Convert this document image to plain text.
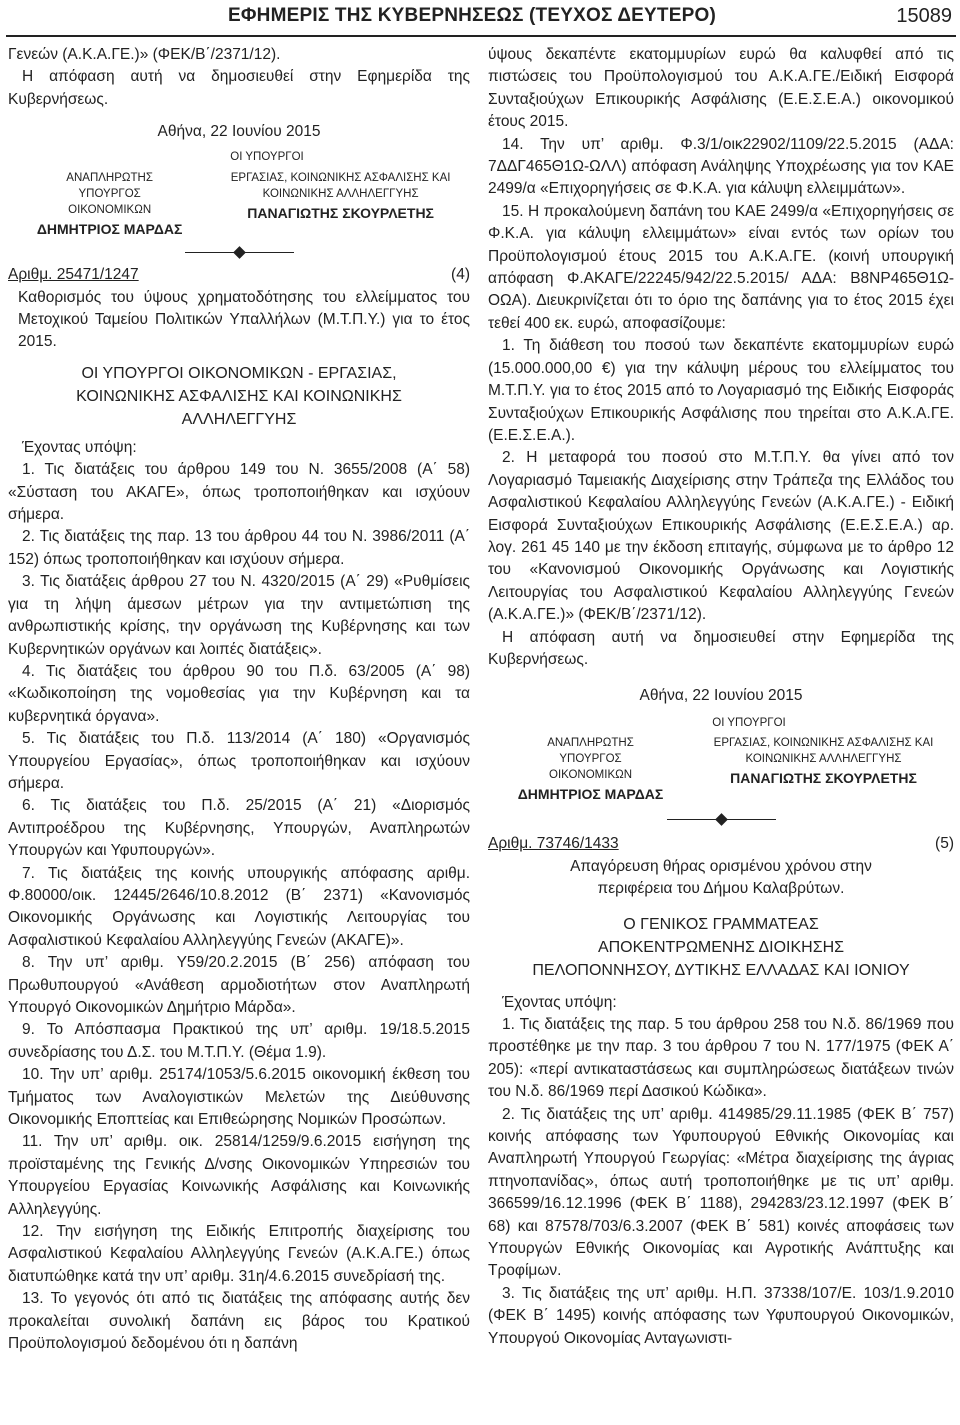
ΕΦΗΜΕΡΙΣ ΤΗΣ ΚΥΒΕΡΝΗΣΕΩΣ (ΤΕΥΧΟΣ ΔΕΥΤΕΡΟ)	15089

Γενεών (Α.Κ.Α.ΓΕ.)» (ΦΕΚ/Β΄/2371/12).

Η απόφαση αυτή να δημοσιευθεί στην Εφημερίδα της Κυβερνήσεως.

Αθήνα, 22 Ιουνίου 2015
ΟΙ ΥΠΟΥΡΓΟΙ
ΑΝΑΠΛΗΡΩΤΗΣ ΥΠΟΥΡΓΟΣ ΟΙΚΟΝΟΜΙΚΩΝ
ΔΗΜΗΤΡΙΟΣ ΜΑΡΔΑΣ
ΕΡΓΑΣΙΑΣ, ΚΟΙΝΩΝΙΚΗΣ ΑΣΦΑΛΙΣΗΣ ΚΑΙ ΚΟΙΝΩΝΙΚΗΣ ΑΛΛΗΛΕΓΓΥΗΣ
ΠΑΝΑΓΙΩΤΗΣ ΣΚΟΥΡΛΕΤΗΣ
Αριθμ. 25471/1247	(4)

Καθορισμός του ύψους χρηματοδότησης του ελλείμματος του Μετοχικού Ταμείου Πολιτικών Υπαλλήλων (Μ.Τ.Π.Υ.) για το έτος 2015.

ΟΙ ΥΠΟΥΡΓΟΙ ΟΙΚΟΝΟΜΙΚΩΝ - ΕΡΓΑΣΙΑΣ, ΚΟΙΝΩΝΙΚΗΣ ΑΣΦΑΛΙΣΗΣ ΚΑΙ ΚΟΙΝΩΝΙΚΗΣ ΑΛΛΗΛΕΓΓΥΗΣ

Έχοντας υπόψη:

1. Τις διατάξεις του άρθρου 149 του Ν. 3655/2008 (Α΄ 58) «Σύσταση του ΑΚΑΓΕ», όπως τροποποιήθηκαν και ισχύουν σήμερα.

2. Τις διατάξεις της παρ. 13 του άρθρου 44 του Ν. 3986/2011 (Α΄ 152) όπως τροποποιήθηκαν και ισχύουν σήμερα.

3. Τις διατάξεις άρθρου 27 του Ν. 4320/2015 (Α΄ 29) «Ρυθμίσεις για τη λήψη άμεσων μέτρων για την αντιμετώπιση της ανθρωπιστικής κρίσης, την οργάνωση της Κυβέρνησης και των Κυβερνητικών οργάνων και λοιπές διατάξεις».

4. Τις διατάξεις του άρθρου 90 του Π.δ. 63/2005 (Α΄ 98) «Κωδικοποίηση της νομοθεσίας για την Κυβέρνηση και τα κυβερνητικά όργανα».

5. Τις διατάξεις του Π.δ. 113/2014 (Α΄ 180) «Οργανισμός Υπουργείου Εργασίας», όπως τροποποιήθηκαν και ισχύουν σήμερα.

6. Τις διατάξεις του Π.δ. 25/2015 (Α΄ 21) «Διορισμός Αντιπροέδρου της Κυβέρνησης, Υπουργών, Αναπληρωτών Υπουργών και Υφυπουργών».

7. Τις διατάξεις της κοινής υπουργικής απόφασης αριθμ. Φ.80000/οικ. 12445/2646/10.8.2012 (Β΄ 2371) «Κανονισμός Οικονομικής Οργάνωσης και Λογιστικής Λειτουργίας του Ασφαλιστικού Κεφαλαίου Αλληλεγγύης Γενεών (ΑΚΑΓΕ)».

8. Την υπ’ αριθμ. Υ59/20.2.2015 (Β΄ 256) απόφαση του Πρωθυπουργού «Ανάθεση αρμοδιοτήτων στον Αναπληρωτή Υπουργό Οικονομικών Δημήτριο Μάρδα».

9. Το Απόσπασμα Πρακτικού της υπ’ αριθμ. 19/18.5.2015 συνεδρίασης του Δ.Σ. του Μ.Τ.Π.Υ. (Θέμα 1.9).

10. Την υπ’ αριθμ. 25174/1053/5.6.2015 οικονομική έκθεση του Τμήματος των Αναλογιστικών Μελετών της Διεύθυνσης Οικονομικής Εποπτείας και Επιθεώρησης Νομικών Προσώπων.

11. Την υπ’ αριθμ. οικ. 25814/1259/9.6.2015 εισήγηση της προϊσταμένης της Γενικής Δ/νσης Οικονομικών Υπηρεσιών του Υπουργείου Εργασίας Κοινωνικής Ασφάλισης και Κοινωνικής Αλληλεγγύης.

12. Την εισήγηση της Ειδικής Επιτροπής διαχείρισης του Ασφαλιστικού Κεφαλαίου Αλληλεγγύης Γενεών (Α.Κ.Α.ΓΕ.) όπως διατυπώθηκε κατά την υπ’ αριθμ. 31η/4.6.2015 συνεδρίασή της.

13. Το γεγονός ότι από τις διατάξεις της απόφασης αυτής δεν προκαλείται συνολική δαπάνη εις βάρος του Κρατικού Προϋπολογισμού δεδομένου ότι η δαπάνη

ύψους δεκαπέντε εκατομμυρίων ευρώ θα καλυφθεί από τις πιστώσεις του Προϋπολογισμού του Α.Κ.Α.ΓΕ./Ειδική Εισφορά Συνταξιούχων Επικουρικής Ασφάλισης (Ε.Ε.Σ.Ε.Α.) οικονομικού έτους 2015.

14. Την υπ’ αριθμ. Φ.3/1/οικ22902/1109/22.5.2015 (ΑΔΑ: 7ΔΔΓ465Θ1Ω-ΩΛΛ) απόφαση Ανάληψης Υποχρέωσης για τον ΚΑΕ 2499/α «Επιχορηγήσεις σε Φ.Κ.Α. για κάλυψη ελλειμμάτων».

15. Η προκαλούμενη δαπάνη του ΚΑΕ 2499/α «Επιχορηγήσεις σε Φ.Κ.Α. για κάλυψη ελλειμμάτων» είναι εντός των ορίων του Προϋπολογισμού έτους 2015 του Α.Κ.Α.ΓΕ. (κοινή υπουργική απόφαση Φ.ΑΚΑΓΕ/22245/942/22.5.2015/ ΑΔΑ: Β8ΝΡ465Θ1Ω-ΟΩΑ). Διευκρινίζεται ότι το όριο της δαπάνης για το έτος 2015 έχει τεθεί 400 εκ. ευρώ, αποφασίζουμε:

1. Τη διάθεση του ποσού των δεκαπέντε εκατομμυρίων ευρώ (15.000.000,00 €) για την κάλυψη μέρους του ελλείμματος του Μ.Τ.Π.Υ. για το έτος 2015 από το Λογαριασμό της Ειδικής Εισφοράς Συνταξιούχων Επικουρικής Ασφάλισης που τηρείται στο Α.Κ.Α.ΓΕ. (Ε.Ε.Σ.Ε.Α.).

2. Η μεταφορά του ποσού στο Μ.Τ.Π.Υ. θα γίνει από τον Λογαριασμό Ταμειακής Διαχείρισης στην Τράπεζα της Ελλάδος του Ασφαλιστικού Κεφαλαίου Αλληλεγγύης Γενεών (Α.Κ.Α.ΓΕ.) - Ειδική Εισφορά Συνταξιούχων Επικουρικής Ασφάλισης (Ε.Ε.Σ.Ε.Α.) αρ. λογ. 261 45 140 με την έκδοση επιταγής, σύμφωνα με το άρθρο 12 του «Κανονισμού Οικονομικής Οργάνωσης και Λογιστικής Λειτουργίας του Ασφαλιστικού Κεφαλαίου Αλληλεγγύης Γενεών (Α.Κ.Α.ΓΕ.)» (ΦΕΚ/Β΄/2371/12).

Η απόφαση αυτή να δημοσιευθεί στην Εφημερίδα της Κυβερνήσεως.

Αθήνα, 22 Ιουνίου 2015
ΟΙ ΥΠΟΥΡΓΟΙ
ΑΝΑΠΛΗΡΩΤΗΣ ΥΠΟΥΡΓΟΣ ΟΙΚΟΝΟΜΙΚΩΝ
ΔΗΜΗΤΡΙΟΣ ΜΑΡΔΑΣ
ΕΡΓΑΣΙΑΣ, ΚΟΙΝΩΝΙΚΗΣ ΑΣΦΑΛΙΣΗΣ ΚΑΙ ΚΟΙΝΩΝΙΚΗΣ ΑΛΛΗΛΕΓΓΥΗΣ
ΠΑΝΑΓΙΩΤΗΣ ΣΚΟΥΡΛΕΤΗΣ
Αριθμ. 73746/1433	(5)

Απαγόρευση θήρας ορισμένου χρόνου στην περιφέρεια του Δήμου Καλαβρύτων.

Ο ΓΕΝΙΚΟΣ ΓΡΑΜΜΑΤΕΑΣ
ΑΠΟΚΕΝΤΡΩΜΕΝΗΣ ΔΙΟΙΚΗΣΗΣ
ΠΕΛΟΠΟΝΝΗΣΟΥ, ΔΥΤΙΚΗΣ ΕΛΛΑΔΑΣ ΚΑΙ ΙΟΝΙΟΥ

Έχοντας υπόψη:

1. Τις διατάξεις της παρ. 5 του άρθρου 258 του Ν.δ. 86/1969 που προστέθηκε με την παρ. 3 του άρθρου 7 του Ν. 177/1975 (ΦΕΚ Α΄ 205): «περί αντικαταστάσεως και συμπληρώσεως διατάξεων τινών του Ν.δ. 86/1969 περί Δασικού Κώδικα».

2. Τις διατάξεις της υπ’ αριθμ. 414985/29.11.1985 (ΦΕΚ Β΄ 757) κοινής απόφασης των Υφυπουργού Εθνικής Οικονομίας και Αναπληρωτή Υπουργού Γεωργίας: «Μέτρα διαχείρισης της άγριας πτηνοπανίδας», όπως αυτή τροποποιήθηκε με τις υπ’ αριθμ. 366599/16.12.1996 (ΦΕΚ Β΄ 1188), 294283/23.12.1997 (ΦΕΚ Β΄ 68) και 87578/703/6.3.2007 (ΦΕΚ Β΄ 581) κοινές αποφάσεις των Υπουργών Εθνικής Οικονομίας και Αγροτικής Ανάπτυξης και Τροφίμων.

3. Τις διατάξεις της υπ’ αριθμ. Η.Π. 37338/107/Ε. 103/1.9.2010 (ΦΕΚ Β΄ 1495) κοινής απόφασης των Υφυπουργού Οικονομικών, Υπουργού Οικονομίας Ανταγωνιστι-
